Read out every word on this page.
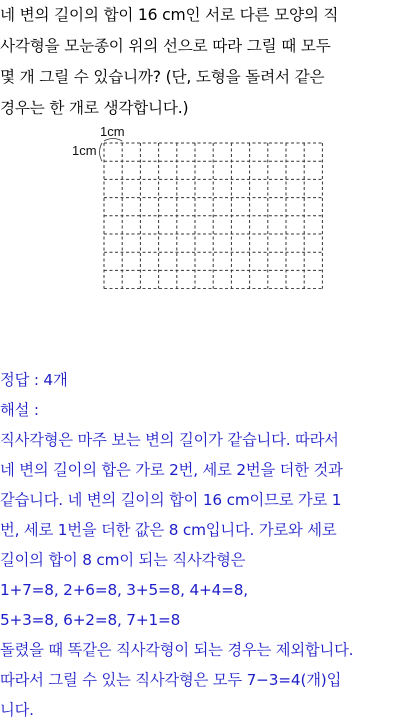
네 변의 길이의 합이 16 cm인 서로 다른 모양의 직
사각형을 모눈종이 위의 선으로 따라 그릴 때 모두
몇 개 그릴 수 있습니까? (단, 도형을 돌려서 같은
경우는 한 개로 생각합니다.)
1cm
1cm
정답 : 4개
해설 :
직사각형은 마주 보는 변의 길이가 같습니다. 따라서
네 변의 길이의 합은 가로 2번, 세로 2번을 더한 것과
같습니다. 네 변의 길이의 합이 16 cm이므로 가로 1
번, 세로 1번을 더한 값은 8 cm입니다. 가로와 세로
길이의 합이 8 cm이 되는 직사각형은
1+7=8, 2+6=8, 3+5=8, 4+4=8,
5+3=8, 6+2=8, 7+1=8
돌렸을 때 똑같은 직사각형이 되는 경우는 제외합니다.
따라서 그릴 수 있는 직사각형은 모두 7−3=4(개)입
니다.
